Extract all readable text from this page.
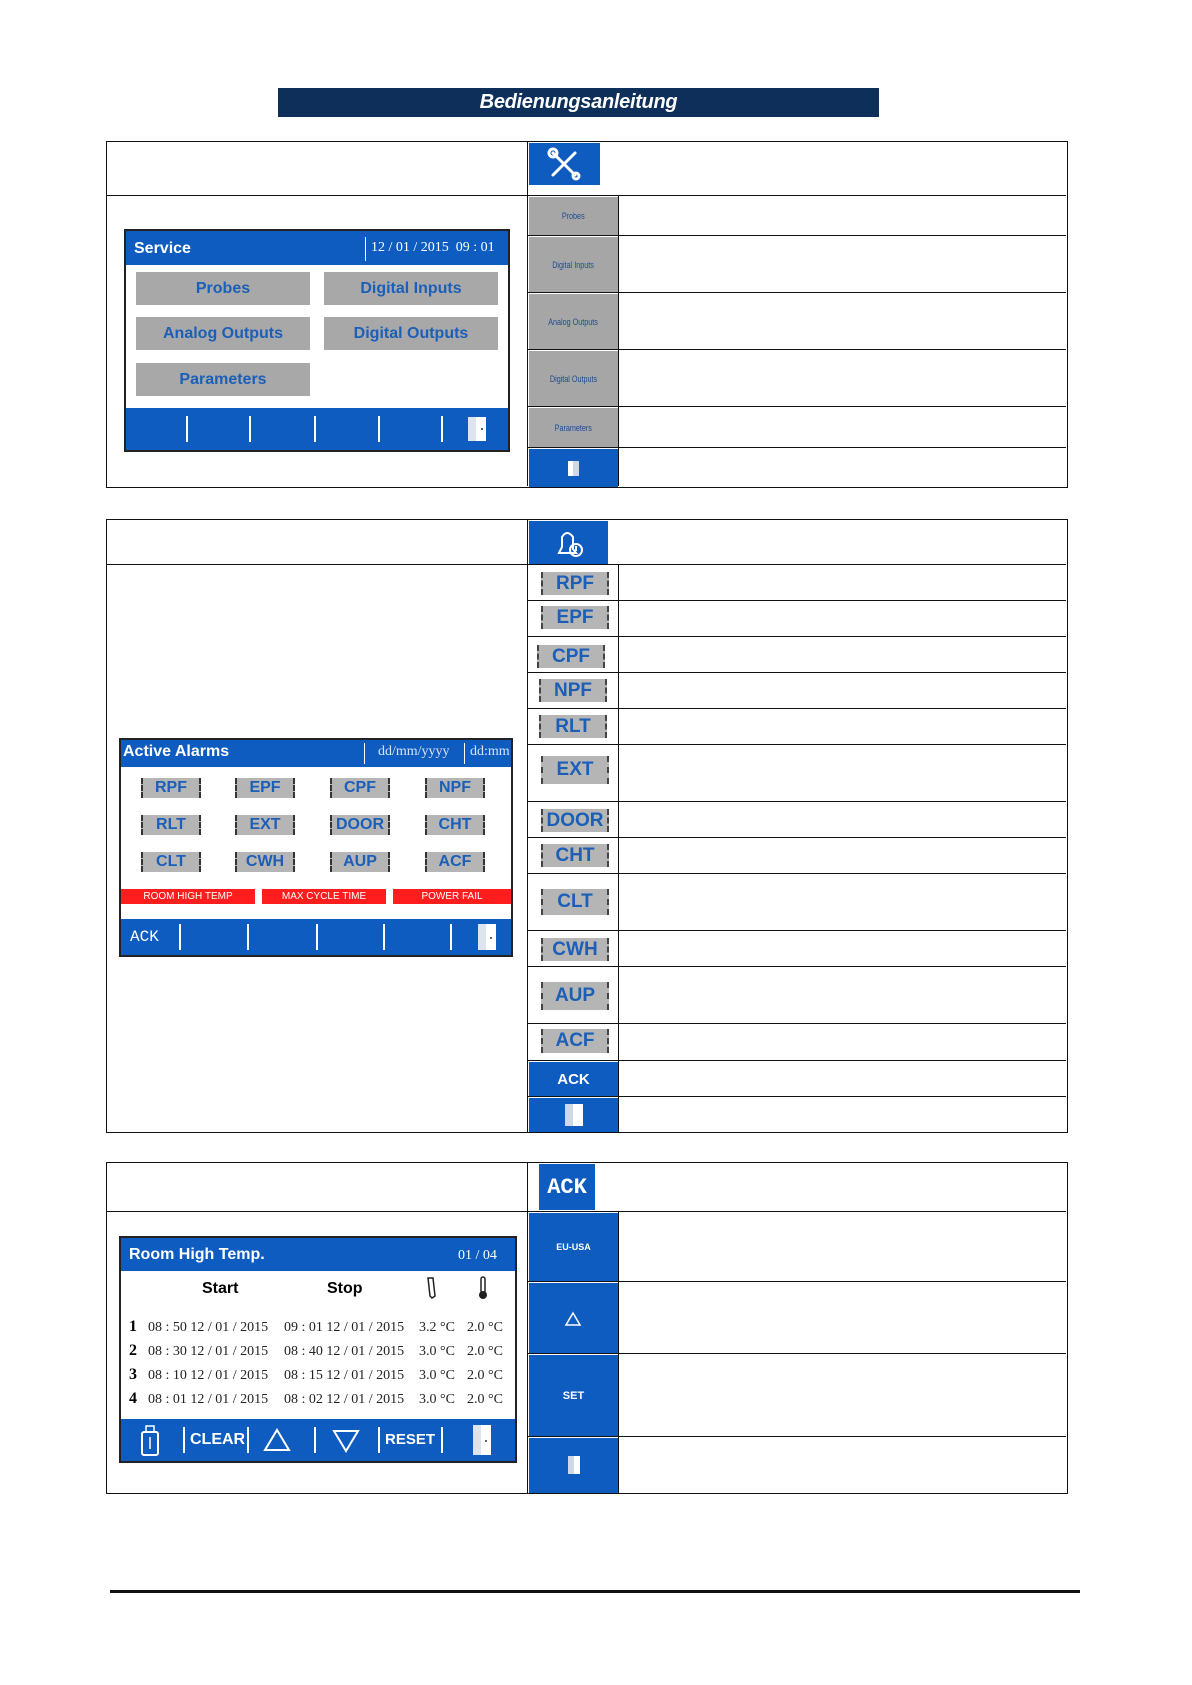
Bedienungsanleitung
Probes
Digital Inputs
Analog Outputs
Digital Outputs
Parameters
Service	12 / 01 / 2015  09 : 01
Probes	Digital Inputs
Analog Outputs	Digital Outputs
Parameters
RPF
EPF
CPF
NPF
RLT
EXT
DOOR
CHT
CLT
CWH
AUP
ACF
ACK
Active Alarms	dd/mm/yyyy dd:mm
RPF	EPF	CPF	NPF
RLT	EXT	DOOR	CHT
CLT	CWH	AUP	ACF
ROOM HIGH TEMP	MAX CYCLE TIME	POWER FAIL
ACK
ACK
EU-USA
SET
Room High Temp.	01 / 04
Start	Stop
1 08 : 50 12 / 01 / 2015 09 : 01 12 / 01 / 2015 3.2 °C 2.0 °C
2 08 : 30 12 / 01 / 2015 08 : 40 12 / 01 / 2015 3.0 °C 2.0 °C
3 08 : 10 12 / 01 / 2015 08 : 15 12 / 01 / 2015 3.0 °C 2.0 °C
4 08 : 01 12 / 01 / 2015 08 : 02 12 / 01 / 2015 3.0 °C 2.0 °C
CLEAR	RESET
